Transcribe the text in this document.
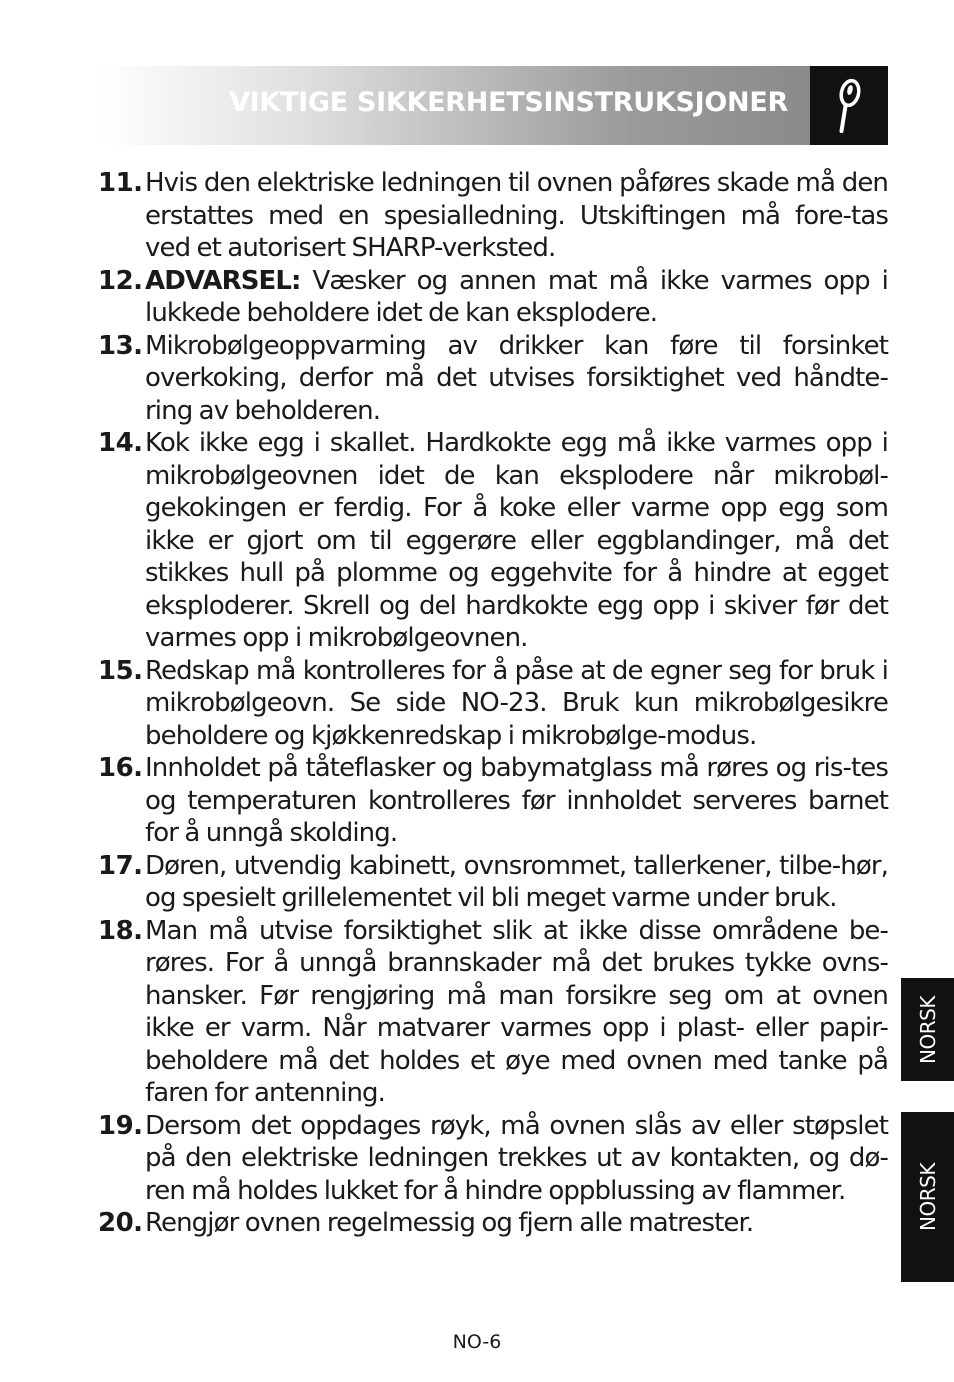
VIKTIGE SIKKERHETSINSTRUKSJONER
11. Hvis den elektriske ledningen til ovnen påføres skade må den erstattes med en spesialledning. Utskiftingen må fore-tas ved et autorisert SHARP-verksted.
12. ADVARSEL: Væsker og annen mat må ikke varmes opp i lukkede beholdere idet de kan eksplodere.
13. Mikrobølgeoppvarming av drikker kan føre til forsinket overkoking, derfor må det utvises forsiktighet ved håndte-ring av beholderen.
14. Kok ikke egg i skallet. Hardkokte egg må ikke varmes opp i mikrobølgeovnen idet de kan eksplodere når mikrobøl-gekokingen er ferdig. For å koke eller varme opp egg som ikke er gjort om til eggerøre eller eggblandinger, må det stikkes hull på plomme og eggehvite for å hindre at egget eksploderer. Skrell og del hardkokte egg opp i skiver før det varmes opp i mikrobølgeovnen.
15. Redskap må kontrolleres for å påse at de egner seg for bruk i mikrobølgeovn. Se side NO-23. Bruk kun mikrobølgesikre beholdere og kjøkkenredskap i mikrobølge-modus.
16. Innholdet på tåteflasker og babymatglass må røres og ris-tes og temperaturen kontrolleres før innholdet serveres barnet for å unngå skolding.
17. Døren, utvendig kabinett, ovnsrommet, tallerkener, tilbe-hør, og spesielt grillelementet vil bli meget varme under bruk.
18. Man må utvise forsiktighet slik at ikke disse områdene be-røres. For å unngå brannskader må det brukes tykke ovns-hansker. Før rengjøring må man forsikre seg om at ovnen ikke er varm. Når matvarer varmes opp i plast- eller papir-beholdere må det holdes et øye med ovnen med tanke på faren for antenning.
19. Dersom det oppdages røyk, må ovnen slås av eller støpslet på den elektriske ledningen trekkes ut av kontakten, og dø-ren må holdes lukket for å hindre oppblussing av flammer.
20. Rengjør ovnen regelmessig og fjern alle matrester.
NORSK
NORSK
NO-6
